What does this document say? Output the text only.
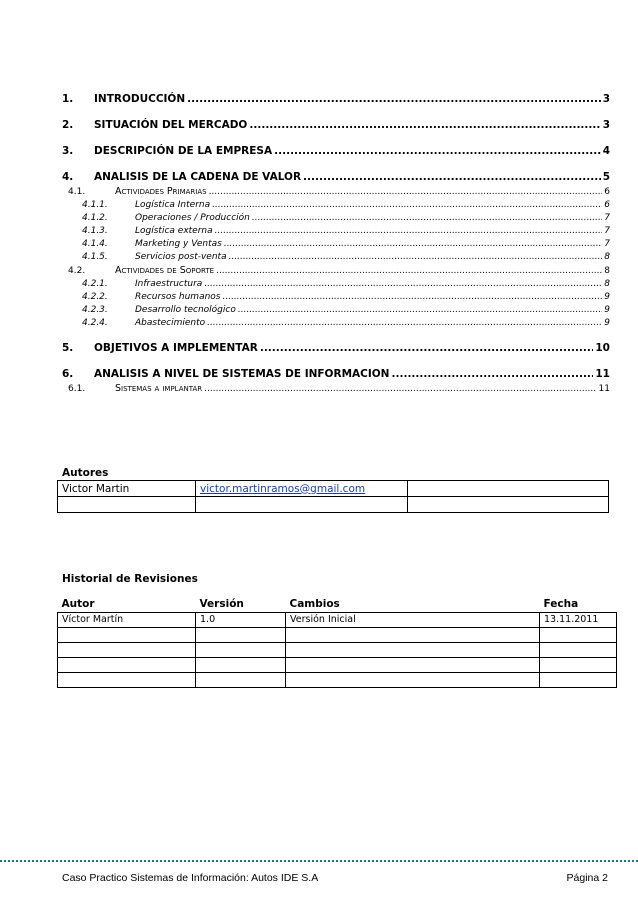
1.	INTRODUCCIÓN .....	3
2.	SITUACIÓN DEL MERCADO .....	3
3.	DESCRIPCIÓN DE LA EMPRESA .....	4
4.	ANALISIS DE LA CADENA DE VALOR .....	5
4.1.	Actividades Primarias .....	6
4.1.1.	Logística Interna .....	6
4.1.2.	Operaciones / Producción .....	7
4.1.3.	Logística externa .....	7
4.1.4.	Marketing y Ventas .....	7
4.1.5.	Servicios post-venta .....	8
4.2.	Actividades de Soporte .....	8
4.2.1.	Infraestructura .....	8
4.2.2.	Recursos humanos .....	9
4.2.3.	Desarrollo tecnológico .....	9
4.2.4.	Abastecimiento .....	9
5.	OBJETIVOS A IMPLEMENTAR .....	10
6.	ANALISIS A NIVEL DE SISTEMAS DE INFORMACION .....	11
6.1.	Sistemas a implantar .....	11
Autores
Victor Martin	victor.martinramos@gmail.com	

Historial de Revisiones
Autor	Versión	Cambios	Fecha
Víctor Martín	1.0	Versión Inicial	13.11.2011

Caso Practico Sistemas de Información: Autos IDE S.A	Página 2
